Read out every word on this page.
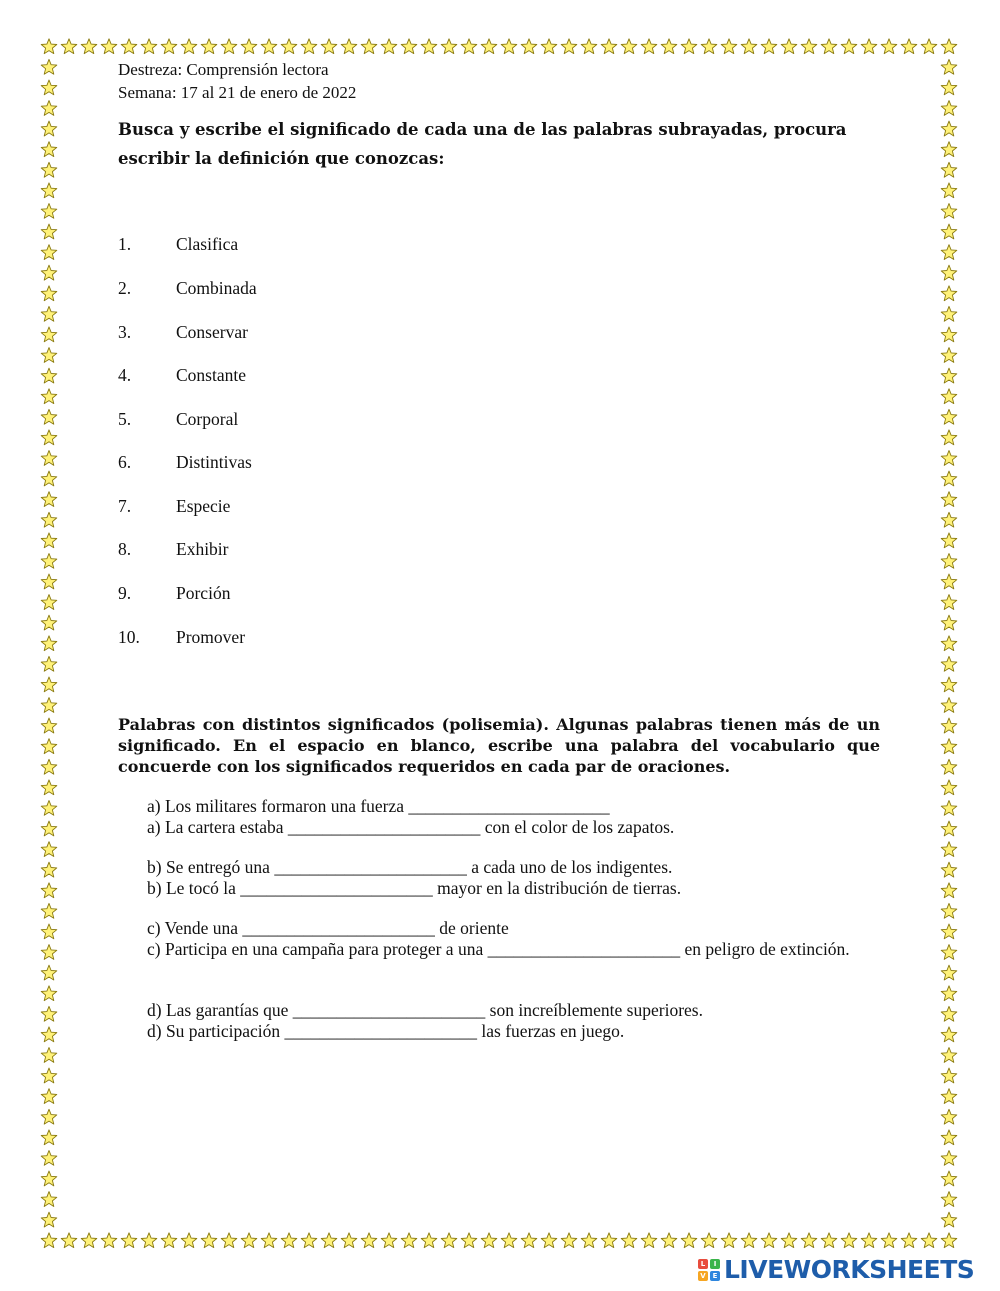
Destreza: Comprensión lectora
Semana: 17 al 21 de enero de 2022
Busca y escribe el significado de cada una de las palabras subrayadas, procura escribir la definición que conozcas:
1.	Clasifica
2.	Combinada
3.	Conservar
4.	Constante
5.	Corporal
6.	Distintivas
7.	Especie
8.	Exhibir
9.	Porción
10.	Promover
Palabras con distintos significados (polisemia). Algunas palabras tienen más de un significado. En el espacio en blanco, escribe una palabra del vocabulario que concuerde con los significados requeridos en cada par de oraciones.
a) Los militares formaron una fuerza _______________________
a) La cartera estaba ______________________ con el color de los zapatos.
b) Se entregó una ______________________ a cada uno de los indigentes.
b) Le tocó la ______________________ mayor en la distribución de tierras.
c) Vende una ______________________ de oriente
c) Participa en una campaña para proteger a una ______________________ en peligro de extinción.
d) Las garantías que ______________________ son increíblemente superiores.
d) Su participación ______________________ las fuerzas en juego.
L	I
V E LIVEWORKSHEETS
